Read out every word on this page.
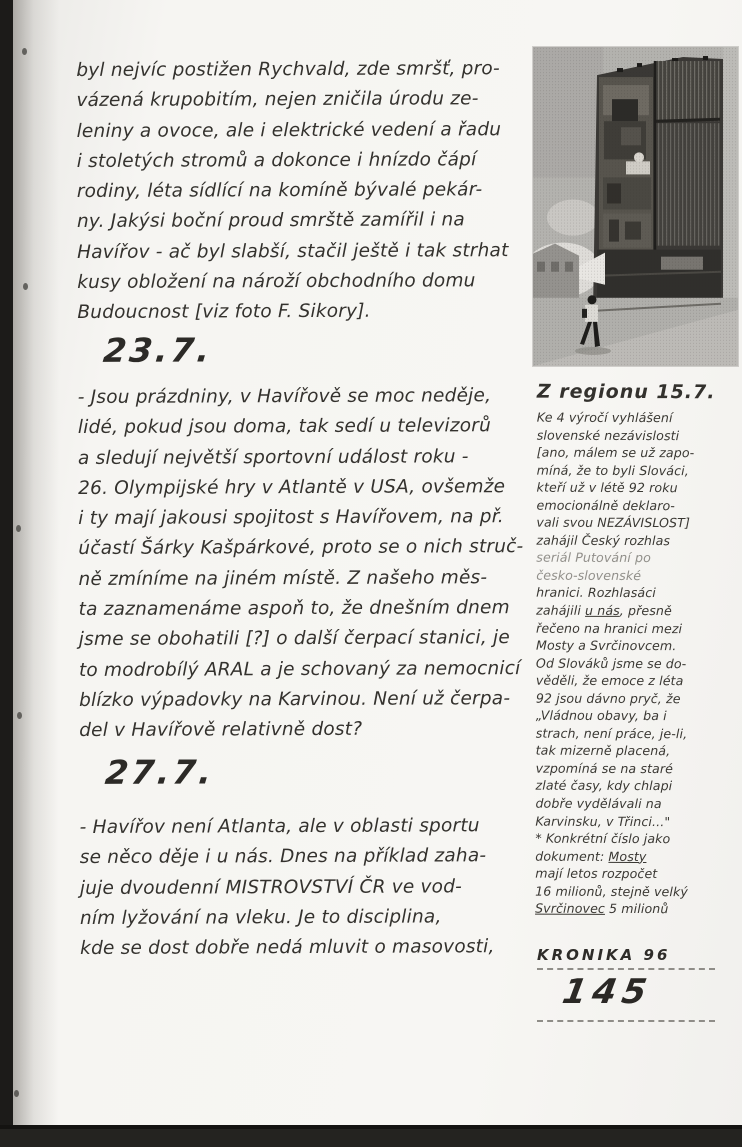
byl nejvíc postižen Rychvald, zde smršť, pro-
vázená krupobitím, nejen zničila úrodu ze-
leniny a ovoce, ale i elektrické vedení a řadu
i stoletých stromů a dokonce i hnízdo čápí
rodiny, léta sídlící na komíně bývalé pekár-
ny. Jakýsi boční proud smrště zamířil i na
Havířov - ač byl slabší, stačil ještě i tak strhat
kusy obložení na nároží obchodního domu
Budoucnost [viz foto F. Sikory].
23.7.
- Jsou prázdniny, v Havířově se moc neděje,
lidé, pokud jsou doma, tak sedí u televizorů
a sledují největší sportovní událost roku -
26. Olympijské hry v Atlantě v USA, ovšemže
i ty mají jakousi spojitost s Havířovem, na př.
účastí Šárky Kašpárkové, proto se o nich struč-
ně zmíníme na jiném místě. Z našeho měs-
ta zaznamenáme aspoň to, že dnešním dnem
jsme se obohatili [?] o další čerpací stanici, je
to modrobílý ARAL a je schovaný za nemocnicí
blízko výpadovky na Karvinou. Není už čerpa-
del v Havířově relativně dost?
27.7.
- Havířov není Atlanta, ale v oblasti sportu
se něco děje i u nás. Dnes na příklad zaha-
juje dvoudenní MISTROVSTVÍ ČR ve vod-
ním lyžování na vleku. Je to disciplina,
kde se dost dobře nedá mluvit o masovosti,
Z regionu 15.7.
Ke 4 výročí vyhlášení
slovenské nezávislosti
[ano, málem se už zapo-
míná, že to byli Slováci,
kteří už v létě 92 roku
emocionálně deklaro-
vali svou NEZÁVISLOST]
zahájil Český rozhlas
seriál Putování po
česko-slovenské
hranici. Rozhlasáci
zahájili u nás, přesně
řečeno na hranici mezi
Mosty a Svrčinovcem.
Od Slováků jsme se do-
věděli, že emoce z léta
92 jsou dávno pryč, že
„Vládnou obavy, ba i
strach, není práce, je-li,
tak mizerně placená,
vzpomíná se na staré
zlaté časy, kdy chlapi
dobře vydělávali na
Karvinsku, v Třinci..."
* Konkrétní číslo jako
dokument: Mosty
mají letos rozpočet
16 milionů, stejně velký
Svrčinovec 5 milionů
KRONIKA 96
145
